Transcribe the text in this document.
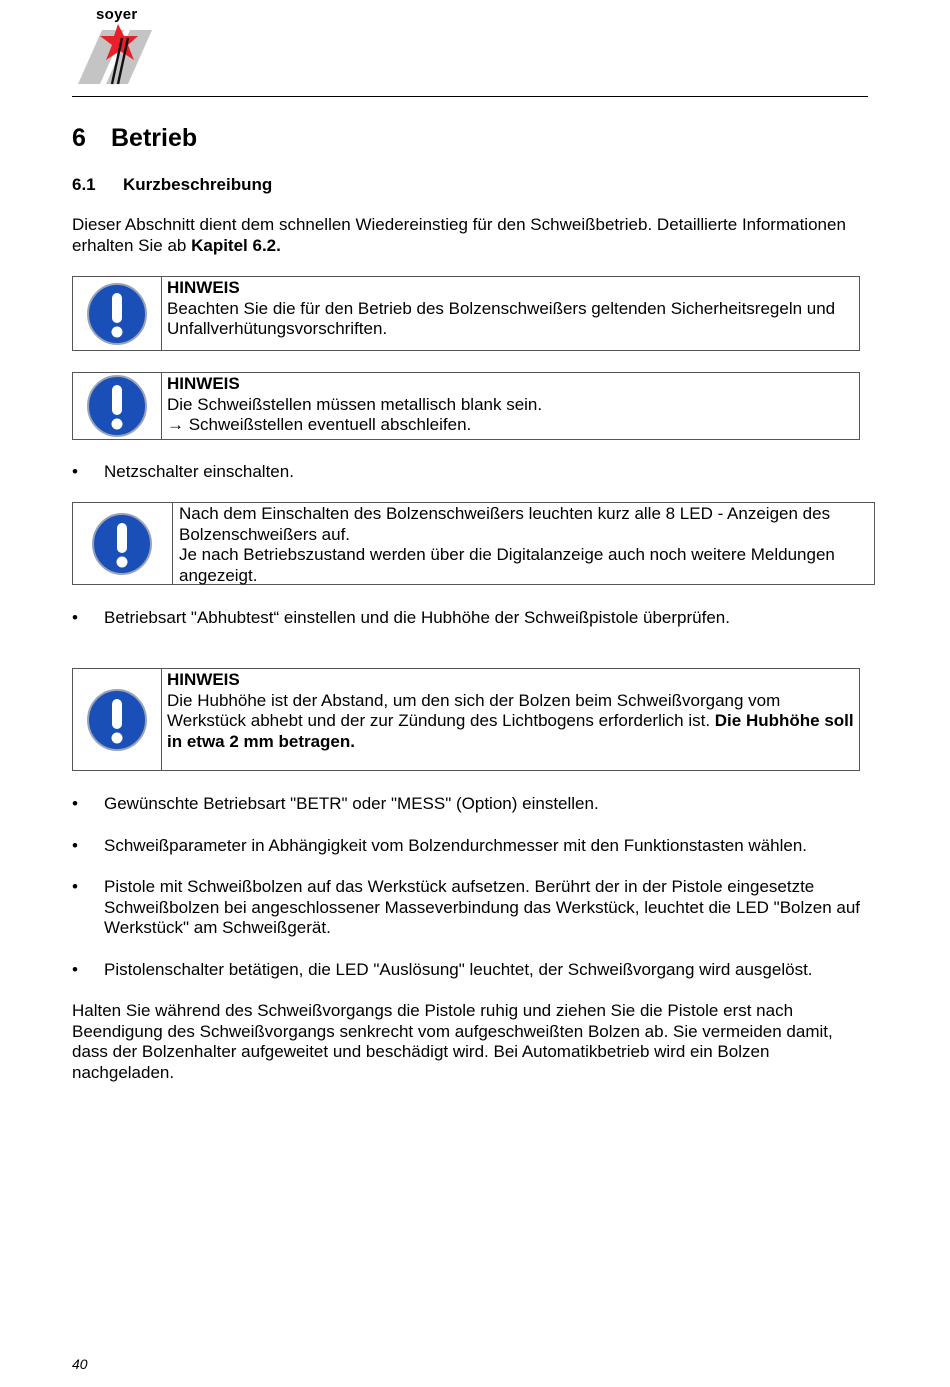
soyer
6 Betrieb
6.1 Kurzbeschreibung
Dieser Abschnitt dient dem schnellen Wiedereinstieg für den Schweißbetrieb. Detaillierte Informationen erhalten Sie ab Kapitel 6.2.
HINWEIS
Beachten Sie die für den Betrieb des Bolzenschweißers geltenden Sicherheitsregeln und Unfallverhütungsvorschriften.
HINWEIS
Die Schweißstellen müssen metallisch blank sein.
→ Schweißstellen eventuell abschleifen.
• Netzschalter einschalten.
Nach dem Einschalten des Bolzenschweißers leuchten kurz alle 8 LED - Anzeigen des Bolzenschweißers auf.
Je nach Betriebszustand werden über die Digitalanzeige auch noch weitere Meldungen angezeigt.
• Betriebsart "Abhubtest“ einstellen und die Hubhöhe der Schweißpistole überprüfen.
HINWEIS
Die Hubhöhe ist der Abstand, um den sich der Bolzen beim Schweißvorgang vom Werkstück abhebt und der zur Zündung des Lichtbogens erforderlich ist. Die Hubhöhe soll in etwa 2 mm betragen.
• Gewünschte Betriebsart "BETR" oder "MESS" (Option) einstellen.
• Schweißparameter in Abhängigkeit vom Bolzendurchmesser mit den Funktionstasten wählen.
• Pistole mit Schweißbolzen auf das Werkstück aufsetzen. Berührt der in der Pistole eingesetzte Schweißbolzen bei angeschlossener Masseverbindung das Werkstück, leuchtet die LED "Bolzen auf Werkstück" am Schweißgerät.
• Pistolenschalter betätigen, die LED "Auslösung" leuchtet, der Schweißvorgang wird ausgelöst.
Halten Sie während des Schweißvorgangs die Pistole ruhig und ziehen Sie die Pistole erst nach Beendigung des Schweißvorgangs senkrecht vom aufgeschweißten Bolzen ab. Sie vermeiden damit, dass der Bolzenhalter aufgeweitet und beschädigt wird. Bei Automatikbetrieb wird ein Bolzen nachgeladen.
40
